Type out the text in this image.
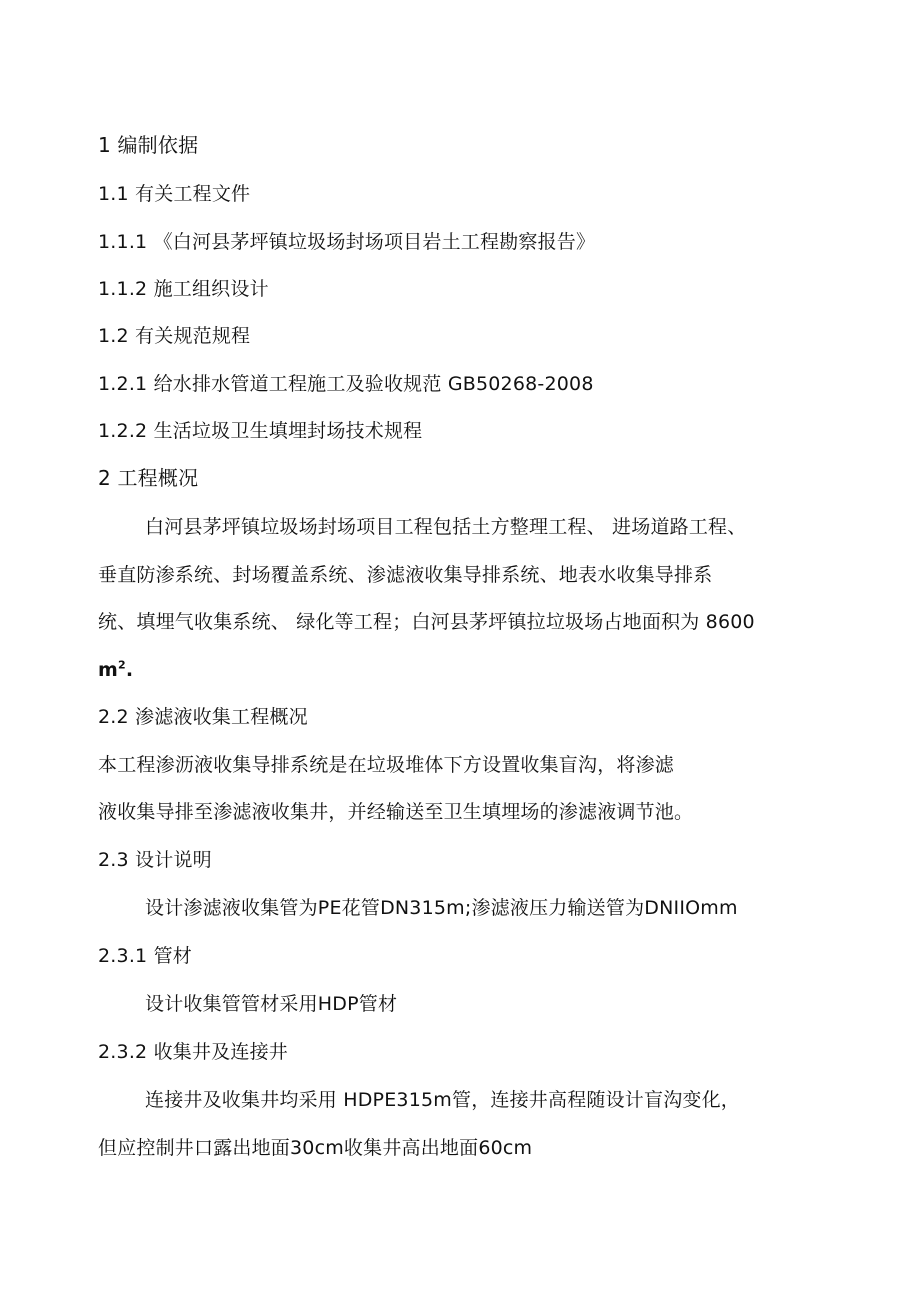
1 编制依据
1.1 有关工程文件
1.1.1 《白河县茅坪镇垃圾场封场项目岩土工程勘察报告》
1.1.2 施工组织设计
1.2 有关规范规程
1.2.1 给水排水管道工程施工及验收规范 GB50268-2008
1.2.2 生活垃圾卫生填埋封场技术规程
2 工程概况
白河县茅坪镇垃圾场封场项目工程包括土方整理工程、 进场道路工程、
垂直防渗系统、封场覆盖系统、渗滤液收集导排系统、地表水收集导排系
统、填埋气收集系统、 绿化等工程；白河县茅坪镇拉垃圾场占地面积为 8600
$m^2$.
2.2 渗滤液收集工程概况
本工程渗沥液收集导排系统是在垃圾堆体下方设置收集盲沟，将渗滤
液收集导排至渗滤液收集井，并经输送至卫生填埋场的渗滤液调节池。
2.3 设计说明
设计渗滤液收集管为PE花管DN315m;渗滤液压力输送管为DNIIOmm
2.3.1 管材
设计收集管管材采用HDP管材
2.3.2 收集井及连接井
连接井及收集井均采用 HDPE315m管，连接井高程随设计盲沟变化，
但应控制井口露出地面30cm收集井高出地面60cm
